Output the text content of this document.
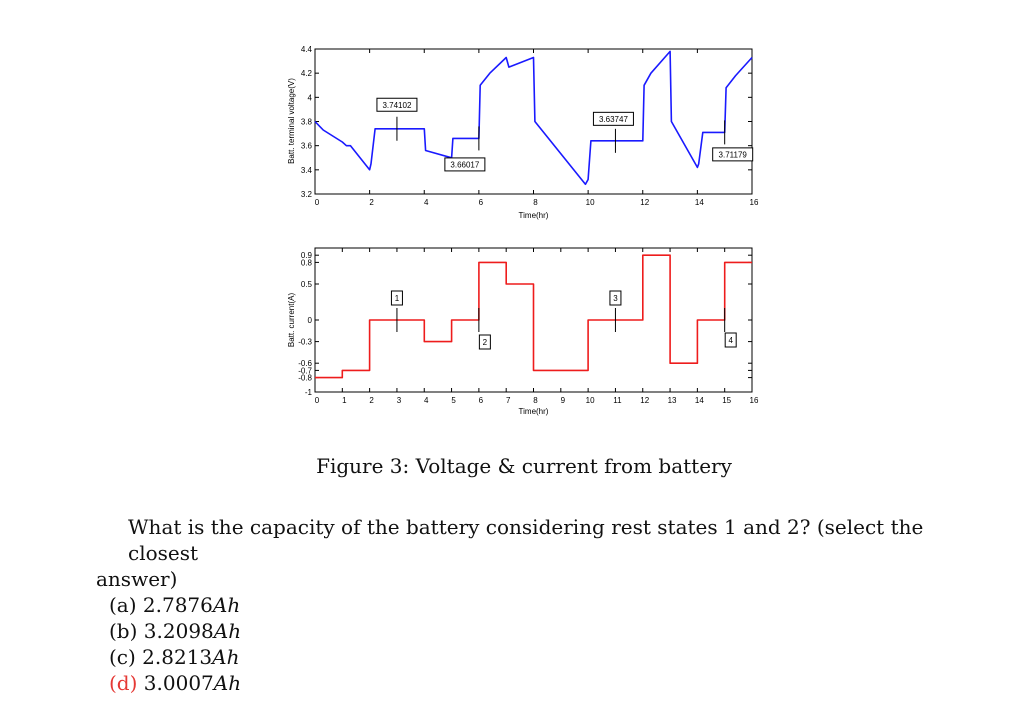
0	2	4	6	8	10	12	14	16
3.2
3.4
3.6
3.8
4
4.2
4.4
Time(hr)
Batt. terminal voltage(V)	3.74102
3.66017
3.63747
3.71179
0	1	2	3	4	5	6	7	8	9	10 11 12 13 14 15 16
-1
-0.8
-0.7
-0.6
-0.3
0
0.5
0.8
0.9
Time(hr)
Batt. current(A)	1
2
3
4
Figure 3: Voltage & current from battery
What is the capacity of the battery considering rest states 1 and 2? (select the closest
answer)
(a) 2.7876Ah
(b) 3.2098Ah
(c) 2.8213Ah
(d) 3.0007Ah
